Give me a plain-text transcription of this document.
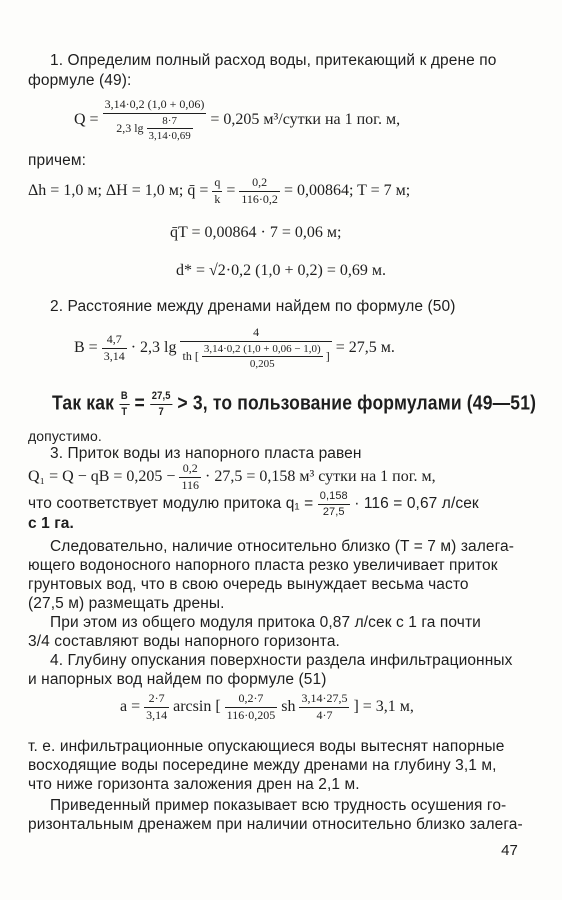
1. Определим полный расход воды, притекающий к дрене по
формуле (49):
$Q = \frac{3,14\cdot 0,2 (1,0 + 0,06)}{2,3 \lg \frac{8\cdot 7}{3,14\cdot 0,69}} = 0,205$ м³/сутки на 1 пог. м,
причем:
Δh = 1,0 м; ΔH = 1,0 м; q̄ = $\frac{q}{k} = \frac{0,2}{116\cdot 0,2} = 0,00864$; T = 7 м;
q̄T = 0,00864 · 7 = 0,06 м;
d* = √2·0,2 (1,0 + 0,2) = 0,69 м.
2. Расстояние между дренами найдем по формуле (50)
$B = \frac{4,7}{3,14} \cdot 2,3$ lg
4
th [ $\frac{3,14\cdot 0,2 (1,0 + 0,06 - 1,0)}{0,205}$ ] = 27,5 м.
Так как $\frac{B}{T} = \frac{27,5}{7} > 3$, то пользование формулами (49—51)
допустимо.
3. Приток воды из напорного пласта равен
Q₁ = Q − qB = $0,205 - \frac{0,2}{116} \cdot 27,5 = 0,158$ м³ сутки на 1 пог. м,
что соответствует модулю притока $q_1 = \frac{0,158}{27,5} \cdot 116 = 0,67$ л/сек
с 1 га.
Следовательно, наличие относительно близко (T = 7 м) залега-
ющего водоносного напорного пласта резко увеличивает приток
грунтовых вод, что в свою очередь вынуждает весьма часто
(27,5 м) размещать дрены.
При этом из общего модуля притока 0,87 л/сек с 1 га почти
3/4 составляют воды напорного горизонта.
4. Глубину опускания поверхности раздела инфильтрационных
и напорных вод найдем по формуле (51)
$a = \frac{2\cdot 7}{3,14}$ arcsin [ $\frac{0,2\cdot 7}{116\cdot 0,205}$ sh $\frac{3,14\cdot 27,5}{4\cdot 7}$ ] = 3,1 м,
т. е. инфильтрационные опускающиеся воды вытеснят напорные
восходящие воды посередине между дренами на глубину 3,1 м,
что ниже горизонта заложения дрен на 2,1 м.
Приведенный пример показывает всю трудность осушения го-
ризонтальным дренажем при наличии относительно близко залега-
47
